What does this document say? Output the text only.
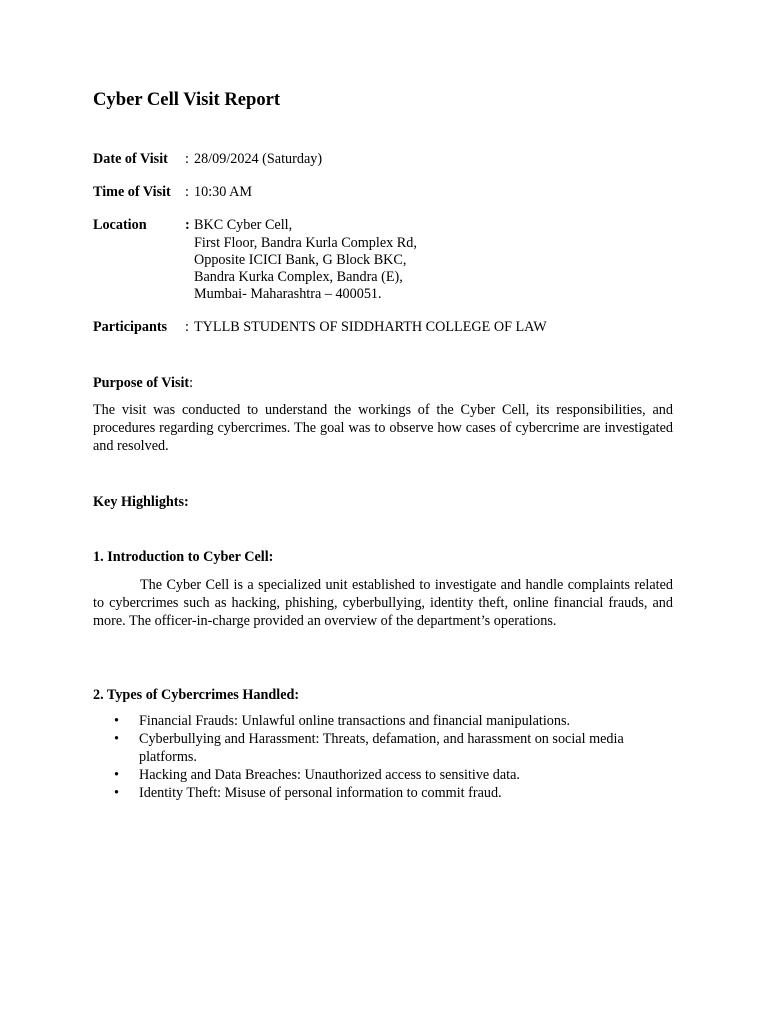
Cyber Cell Visit Report
Date of Visit : 28/09/2024 (Saturday)
Time of Visit : 10:30 AM
Location	: BKC Cyber Cell,
First Floor, Bandra Kurla Complex Rd,
Opposite ICICI Bank, G Block BKC,
Bandra Kurka Complex, Bandra (E),
Mumbai- Maharashtra – 400051.
Participants : TYLLB STUDENTS OF SIDDHARTH COLLEGE OF LAW
Purpose of Visit:

The visit was conducted to understand the workings of the Cyber Cell, its responsibilities, and procedures regarding cybercrimes. The goal was to observe how cases of cybercrime are investigated and resolved.

Key Highlights:
1. Introduction to Cyber Cell:

The Cyber Cell is a specialized unit established to investigate and handle complaints related to cybercrimes such as hacking, phishing, cyberbullying, identity theft, online financial frauds, and more. The officer-in-charge provided an overview of the department’s operations.

2. Types of Cybercrimes Handled:
• Financial Frauds: Unlawful online transactions and financial manipulations.
• Cyberbullying and Harassment: Threats, defamation, and harassment on social media platforms.
• Hacking and Data Breaches: Unauthorized access to sensitive data.
• Identity Theft: Misuse of personal information to commit fraud.
